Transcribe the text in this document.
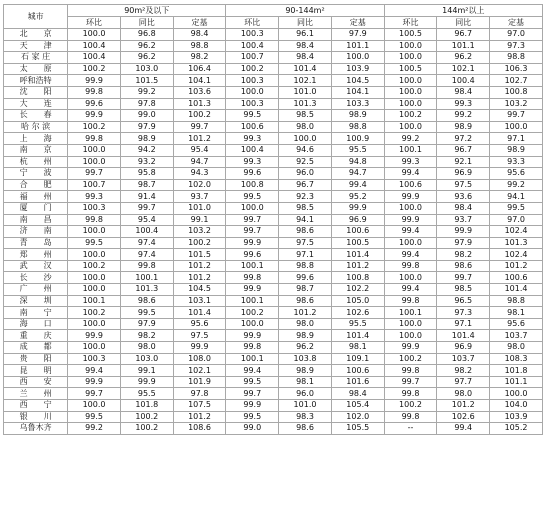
城市	90m²及以下			90-144m²			144m²以上		
	环比	同比	定基	环比	同比	定基	环比	同比	定基
北　　京	100.0	96.8	98.4	100.3	96.1	97.9	100.5	96.7	97.0
天　　津	100.4	96.2	98.8	100.4	98.4	101.1	100.0	101.1	97.3
石 家 庄	100.4	96.2	98.2	100.7	98.4	100.0	100.0	96.2	98.8
太　　原	100.2	103.0	106.4	100.2	101.4	103.9	100.5	102.1	106.3
呼和浩特	99.9	101.5	104.1	100.3	102.1	104.5	100.0	100.4	102.7
沈　　阳	99.8	99.2	103.6	100.0	101.0	104.1	100.0	98.4	100.8
大　　连	99.6	97.8	101.3	100.3	101.3	103.3	100.0	99.3	103.2
长　　春	99.9	99.0	100.2	99.5	98.5	98.9	100.2	99.2	99.7
哈 尔 滨	100.2	97.9	99.7	100.6	98.0	98.8	100.0	98.9	100.0
上　　海	99.8	98.9	101.2	99.3	100.0	100.9	99.2	97.2	97.1
南　　京	100.0	94.2	95.4	100.4	94.6	95.5	100.1	96.7	98.9
杭　　州	100.0	93.2	94.7	99.3	92.5	94.8	99.3	92.1	93.3
宁　　波	99.7	95.8	94.3	99.6	96.0	94.7	99.4	96.9	95.6
合　　肥	100.7	98.7	102.0	100.8	96.7	99.4	100.6	97.5	99.2
福　　州	99.3	91.4	93.7	99.5	92.3	95.2	99.9	93.6	94.1
厦　　门	100.3	99.7	101.0	100.0	98.5	99.9	100.0	98.4	99.5
南　　昌	99.8	95.4	99.1	99.7	94.1	96.9	99.9	93.7	97.0
济　　南	100.0	100.4	103.2	99.7	98.6	100.6	99.4	99.9	102.4
青　　岛	99.5	97.4	100.2	99.9	97.5	100.5	100.0	97.9	101.3
郑　　州	100.0	97.4	101.5	99.6	97.1	101.4	99.4	98.2	102.4
武　　汉	100.2	99.8	101.2	100.1	98.8	101.2	99.8	98.6	101.2
长　　沙	100.0	100.1	101.2	99.8	99.6	100.8	100.0	99.7	100.6
广　　州	100.0	101.3	104.5	99.9	98.7	102.2	99.4	98.5	101.4
深　　圳	100.1	98.6	103.1	100.1	98.6	105.0	99.8	96.5	98.8
南　　宁	100.2	99.5	101.4	100.2	101.2	102.6	100.1	97.3	98.1
海　　口	100.0	97.9	95.6	100.0	98.0	95.5	100.0	97.1	95.6
重　　庆	99.9	98.2	97.5	99.9	98.9	101.4	100.0	101.4	103.7
成　　都	100.0	98.0	99.9	99.8	96.2	98.1	99.9	96.9	98.0
贵　　阳	100.3	103.0	108.0	100.1	103.8	109.1	100.2	103.7	108.3
昆　　明	99.4	99.1	102.1	99.4	98.9	100.6	99.8	98.2	101.8
西　　安	99.9	99.9	101.9	99.5	98.1	101.6	99.7	97.7	101.1
兰　　州	99.7	95.5	97.8	99.7	96.0	98.4	99.8	98.0	100.0
西　　宁	100.0	101.8	107.5	99.9	101.0	105.4	100.2	101.2	104.0
银　　川	99.5	100.2	101.2	99.5	98.3	102.0	99.8	102.6	103.9
乌鲁木齐	99.2	100.2	108.6	99.0	98.6	105.5	--	99.4	105.2
